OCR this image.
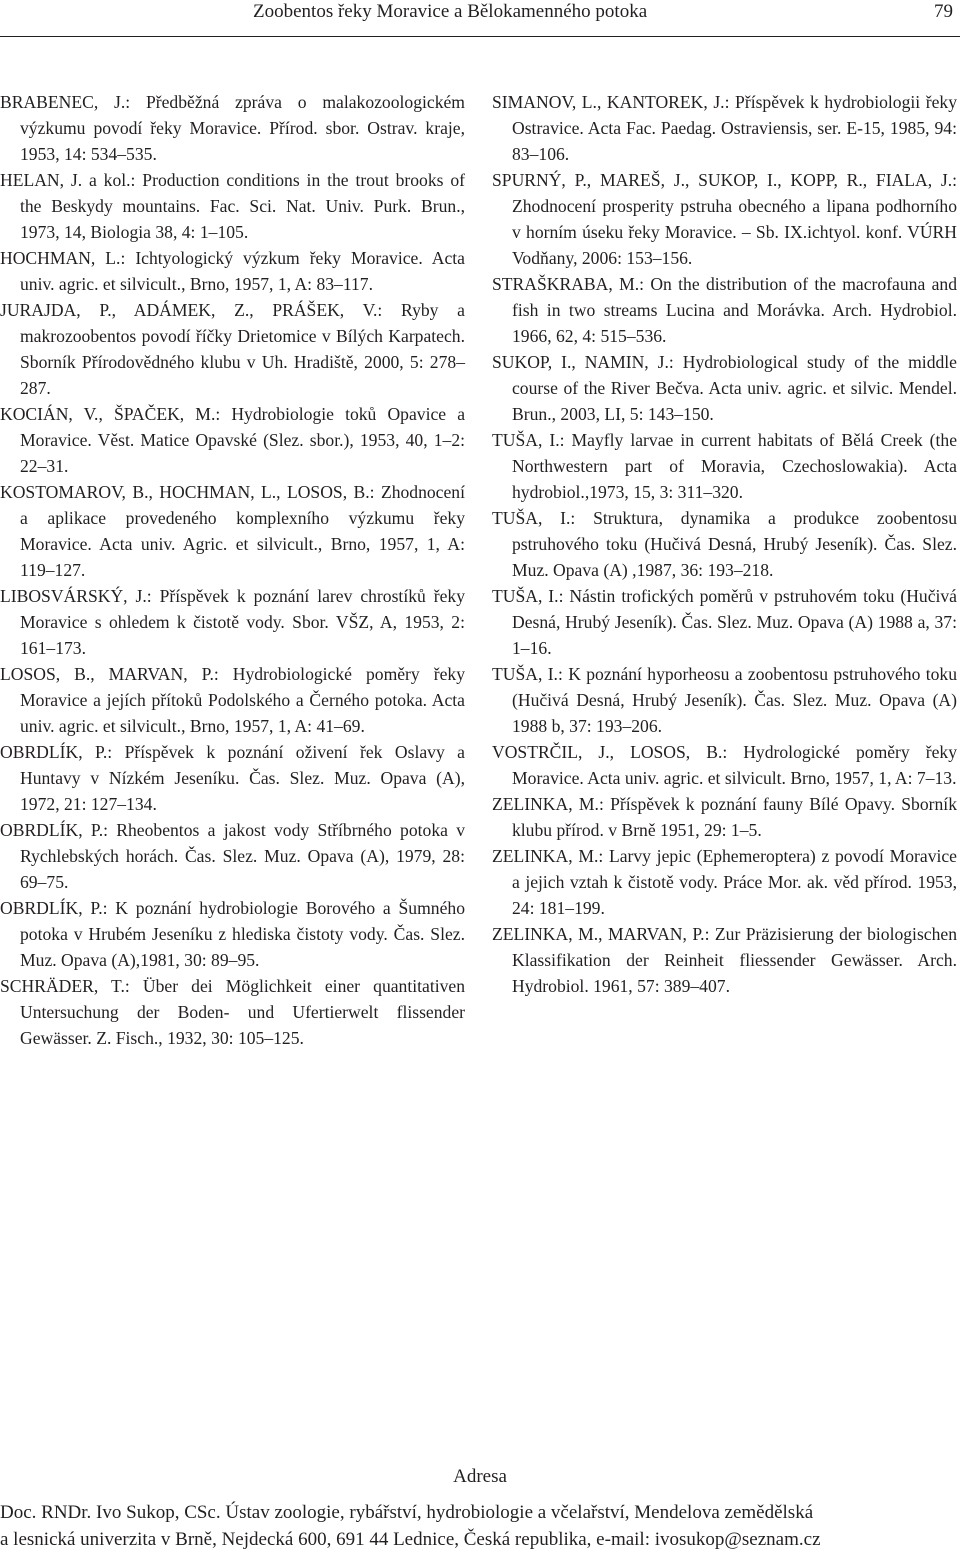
Zoobentos řeky Moravice a Bělokamenného potoka	79

BRABENEC, J.: Předběžná zpráva o malakozoologickém výzkumu povodí řeky Moravice. Přírod. sbor. Ostrav. kraje, 1953, 14: 534–535.

HELAN, J. a kol.: Production conditions in the trout brooks of the Beskydy mountains. Fac. Sci. Nat. Univ. Purk. Brun., 1973, 14, Biologia 38, 4: 1–105.

HOCHMAN, L.: Ichtyologický výzkum řeky Moravice. Acta univ. agric. et silvicult., Brno, 1957, 1, A: 83–117.

JURAJDA, P., ADÁMEK, Z., PRÁŠEK, V.: Ryby a makrozoobentos povodí říčky Drietomice v Bílých Karpatech. Sborník Přírodovědného klubu v Uh. Hradiště, 2000, 5: 278–287.

KOCIÁN, V., ŠPAČEK, M.: Hydrobiologie toků Opavice a Moravice. Věst. Matice Opavské (Slez. sbor.), 1953, 40, 1–2: 22–31.

KOSTOMAROV, B., HOCHMAN, L., LOSOS, B.: Zhodnocení a aplikace provedeného komplexního výzkumu řeky Moravice. Acta univ. Agric. et silvicult., Brno, 1957, 1, A: 119–127.

LIBOSVÁRSKÝ, J.: Příspěvek k poznání larev chrostíků řeky Moravice s ohledem k čistotě vody. Sbor. VŠZ, A, 1953, 2: 161–173.

LOSOS, B., MARVAN, P.: Hydrobiologické poměry řeky Moravice a jejích přítoků Podolského a Černého potoka. Acta univ. agric. et silvicult., Brno, 1957, 1, A: 41–69.

OBRDLÍK, P.: Příspěvek k poznání oživení řek Oslavy a Huntavy v Nízkém Jeseníku. Čas. Slez. Muz. Opava (A), 1972, 21: 127–134.

OBRDLÍK, P.: Rheobentos a jakost vody Stříbrného potoka v Rychlebských horách. Čas. Slez. Muz. Opava (A), 1979, 28: 69–75.

OBRDLÍK, P.: K poznání hydrobiologie Borového a Šumného potoka v Hrubém Jeseníku z hlediska čistoty vody. Čas. Slez. Muz. Opava (A),1981, 30: 89–95.

SCHRÄDER, T.: Über dei Möglichkeit einer quantitativen Untersuchung der Boden- und Ufertierwelt flissender Gewässer. Z. Fisch., 1932, 30: 105–125.

SIMANOV, L., KANTOREK, J.: Příspěvek k hydrobiologii řeky Ostravice. Acta Fac. Paedag. Ostraviensis, ser. E-15, 1985, 94: 83–106.

SPURNÝ, P., MAREŠ, J., SUKOP, I., KOPP, R., FIALA, J.: Zhodnocení prosperity pstruha obecného a lipana podhorního v horním úseku řeky Moravice. – Sb. IX.ichtyol. konf. VÚRH Vodňany, 2006: 153–156.

STRAŠKRABA, M.: On the distribution of the macrofauna and fish in two streams Lucina and Morávka. Arch. Hydrobiol. 1966, 62, 4: 515–536.

SUKOP, I., NAMIN, J.: Hydrobiological study of the middle course of the River Bečva. Acta univ. agric. et silvic. Mendel. Brun., 2003, LI, 5: 143–150.

TUŠA, I.: Mayfly larvae in current habitats of Bělá Creek (the Northwestern part of Moravia, Czechoslowakia). Acta hydrobiol.,1973, 15, 3: 311–320.

TUŠA, I.: Struktura, dynamika a produkce zoobentosu pstruhového toku (Hučivá Desná, Hrubý Jeseník). Čas. Slez. Muz. Opava (A) ,1987, 36: 193–218.

TUŠA, I.: Nástin trofických poměrů v pstruhovém toku (Hučivá Desná, Hrubý Jeseník). Čas. Slez. Muz. Opava (A) 1988 a, 37: 1–16.

TUŠA, I.: K poznání hyporheosu a zoobentosu pstruhového toku (Hučivá Desná, Hrubý Jeseník). Čas. Slez. Muz. Opava (A) 1988 b, 37: 193–206.

VOSTRČIL, J., LOSOS, B.: Hydrologické poměry řeky Moravice. Acta univ. agric. et silvicult. Brno, 1957, 1, A: 7–13.

ZELINKA, M.: Příspěvek k poznání fauny Bílé Opavy. Sborník klubu přírod. v Brně 1951, 29: 1–5.

ZELINKA, M.: Larvy jepic (Ephemeroptera) z povodí Moravice a jejich vztah k čistotě vody. Práce Mor. ak. věd přírod. 1953, 24: 181–199.

ZELINKA, M., MARVAN, P.: Zur Präzisierung der biologischen Klassifikation der Reinheit fliessender Gewässer. Arch. Hydrobiol. 1961, 57: 389–407.

Adresa

Doc. RNDr. Ivo Sukop, CSc. Ústav zoologie, rybářství, hydrobiologie a včelařství, Mendelova zemědělská

a lesnická univerzita v Brně, Nejdecká 600, 691 44 Lednice, Česká republika, e-mail: ivosukop@seznam.cz
